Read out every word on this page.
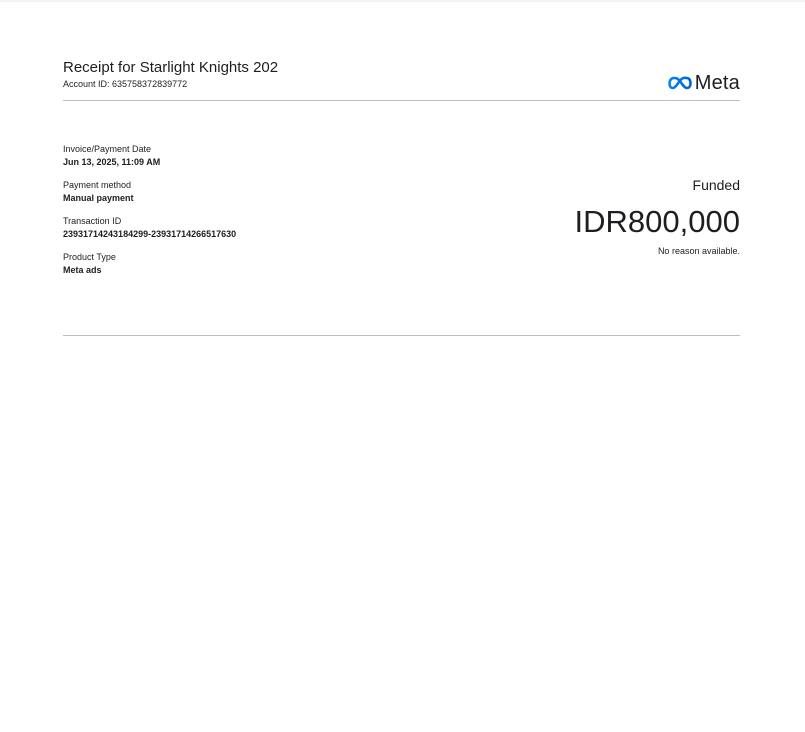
Receipt for Starlight Knights 202
Account ID: 635758372839772	Meta
Invoice/Payment Date
Jun 13, 2025, 11:09 AM
Payment method
Manual payment
Transaction ID
23931714243184299-23931714266517630
Product Type
Meta ads
Funded
IDR800,000
No reason available.
